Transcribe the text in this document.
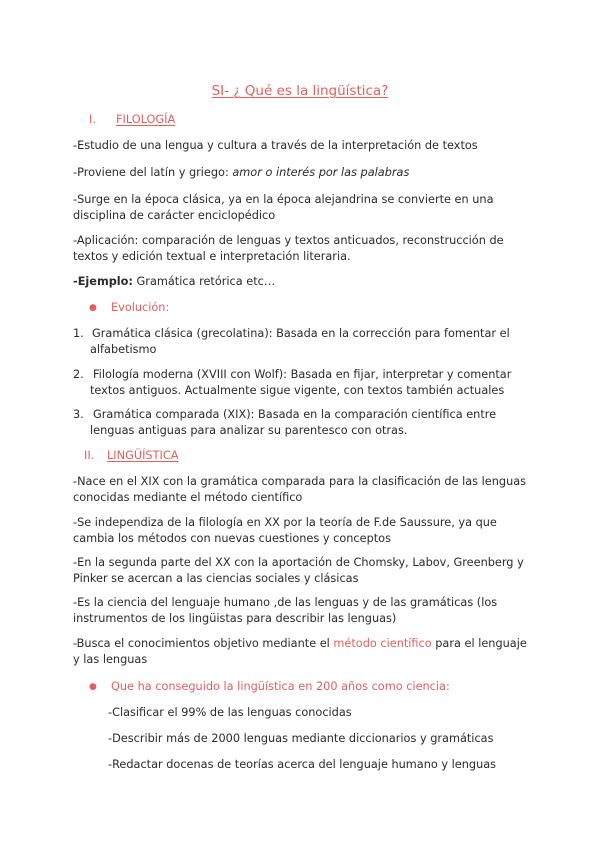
SI- ¿ Qué es la lingüística?
I. FILOLOGÍA

-Estudio de una lengua y cultura a través de la interpretación de textos

-Proviene del latín y griego: amor o interés por las palabras

-Surge en la época clásica, ya en la época alejandrina se convierte en una disciplina de carácter enciclopédico

-Aplicación: comparación de lenguas y textos anticuados, reconstrucción de textos y edición textual e interpretación literaria.

-Ejemplo: Gramática retórica etc…

● Evolución:
1. Gramática clásica (grecolatina): Basada en la corrección para fomentar el alfabetismo
2. Filología moderna (XVIII con Wolf): Basada en fijar, interpretar y comentar textos antiguos. Actualmente sigue vigente, con textos también actuales
3. Gramática comparada (XIX): Basada en la comparación científica entre lenguas antiguas para analizar su parentesco con otras.
II. LINGÜÍSTICA

-Nace en el XIX con la gramática comparada para la clasificación de las lenguas conocidas mediante el método científico

-Se independiza de la filología en XX por la teoría de F.de Saussure, ya que cambia los métodos con nuevas cuestiones y conceptos

-En la segunda parte del XX con la aportación de Chomsky, Labov, Greenberg y Pinker se acercan a las ciencias sociales y clásicas

-Es la ciencia del lenguaje humano ,de las lenguas y de las gramáticas (los instrumentos de los lingüistas para describir las lenguas)

-Busca el conocimientos objetivo mediante el método científico para el lenguaje y las lenguas

● Que ha conseguido la lingüística en 200 años como ciencia:

-Clasificar el 99% de las lenguas conocidas

-Describir más de 2000 lenguas mediante diccionarios y gramáticas

-Redactar docenas de teorías acerca del lenguaje humano y lenguas
